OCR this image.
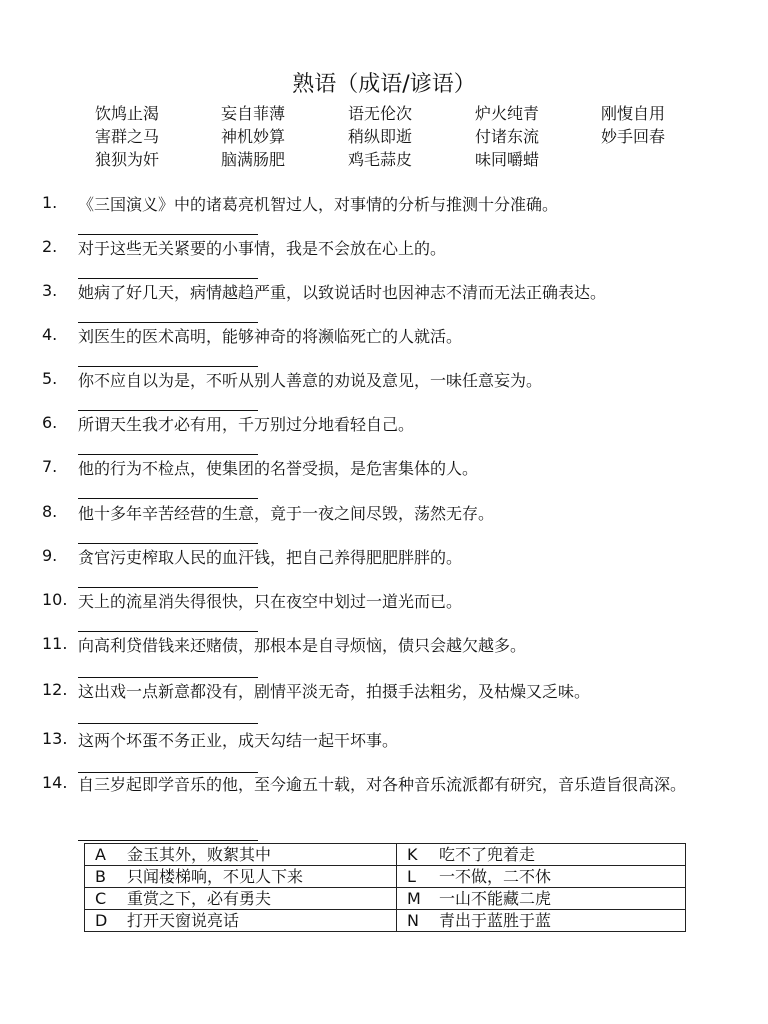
熟语（成语/谚语）
饮鸠止渴	妄自菲薄	语无伦次	炉火纯青	刚愎自用
害群之马	神机妙算	稍纵即逝	付诸东流	妙手回春
狼狈为奸	脑满肠肥	鸡毛蒜皮	味同嚼蜡
1. 《三国演义》中的诸葛亮机智过人，对事情的分析与推测十分准确。
2. 对于这些无关紧要的小事情，我是不会放在心上的。
3. 她病了好几天，病情越趋严重，以致说话时也因神志不清而无法正确表达。
4. 刘医生的医术高明，能够神奇的将濒临死亡的人就活。
5. 你不应自以为是，不听从别人善意的劝说及意见，一味任意妄为。
6. 所谓天生我才必有用，千万别过分地看轻自己。
7. 他的行为不检点，使集团的名誉受损，是危害集体的人。
8. 他十多年辛苦经营的生意，竟于一夜之间尽毁，荡然无存。
9. 贪官污吏榨取人民的血汗钱，把自己养得肥肥胖胖的。
10. 天上的流星消失得很快，只在夜空中划过一道光而已。
11. 向高利贷借钱来还赌债，那根本是自寻烦恼，债只会越欠越多。
12. 这出戏一点新意都没有，剧情平淡无奇，拍摄手法粗劣，及枯燥又乏味。
13. 这两个坏蛋不务正业，成天勾结一起干坏事。
14. 自三岁起即学音乐的他，至今逾五十载，对各种音乐流派都有研究，音乐造旨很高深。
A 金玉其外，败絮其中	K 吃不了兜着走
B 只闻楼梯响，不见人下来	L 一不做，二不休
C 重赏之下，必有勇夫	M 一山不能藏二虎
D 打开天窗说亮话	N 青出于蓝胜于蓝
